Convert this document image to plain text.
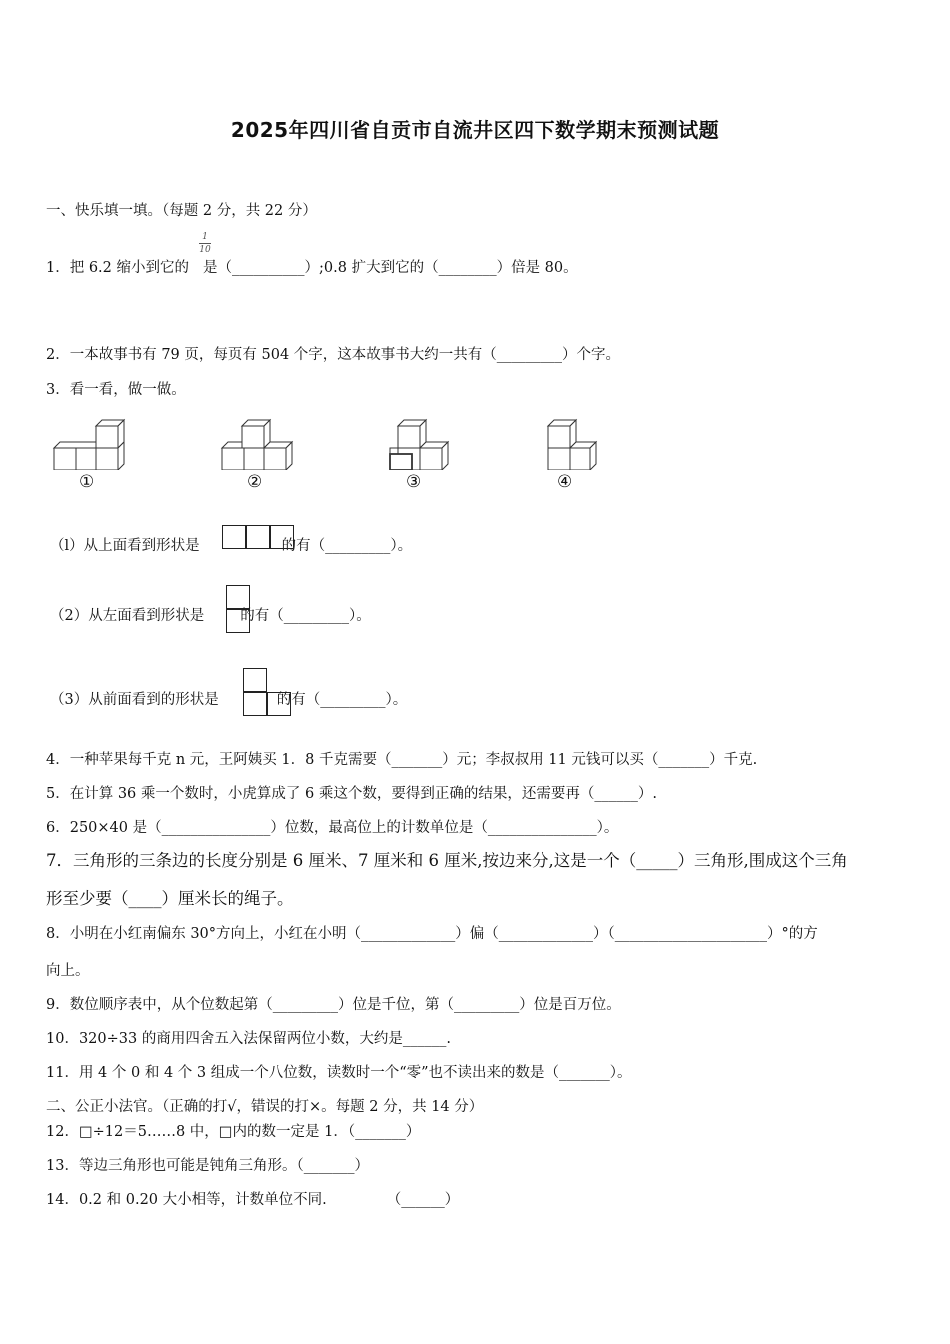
2025年四川省自贡市自流井区四下数学期末预测试题
一、快乐填一填。（每题 2 分，共 22 分）
1．把 6.2 缩小到它的 是（__________）;0.8 扩大到它的（________）倍是 80。
1
10
2．一本故事书有 79 页，每页有 504 个字，这本故事书大约一共有（_________）个字。
3．看一看，做一做。
①	②	③	④
（l）从上面看到形状是	的有（_________）。
（2）从左面看到形状是 的有（_________）。
（3）从前面看到的形状是	的有（_________）。
4．一种苹果每千克 n 元，王阿姨买 1．8 千克需要（_______）元；李叔叔用 11 元钱可以买（_______）千克.
5．在计算 36 乘一个数时，小虎算成了 6 乘这个数，要得到正确的结果，还需要再（______）.
6．250×40 是（_______________）位数，最高位上的计数单位是（_______________）。
7．三角形的三条边的长度分别是 6 厘米、7 厘米和 6 厘米,按边来分,这是一个（_____）三角形,围成这个三角
形至少要（____）厘米长的绳子。
8．小明在小红南偏东 30°方向上，小红在小明（_____________）偏（_____________）（_____________________）°的方
向上。
9．数位顺序表中，从个位数起第（_________）位是千位，第（_________）位是百万位。
10．320÷33 的商用四舍五入法保留两位小数，大约是______.
11．用 4 个 0 和 4 个 3 组成一个八位数，读数时一个“零”也不读出来的数是（_______）。
二、公正小法官。（正确的打√，错误的打×。每题 2 分，共 14 分）
12．□÷12＝5……8 中，□内的数一定是 1．（_______）
13．等边三角形也可能是钝角三角形。（_______）
14．0.2 和 0.20 大小相等，计数单位不同.	（______）
